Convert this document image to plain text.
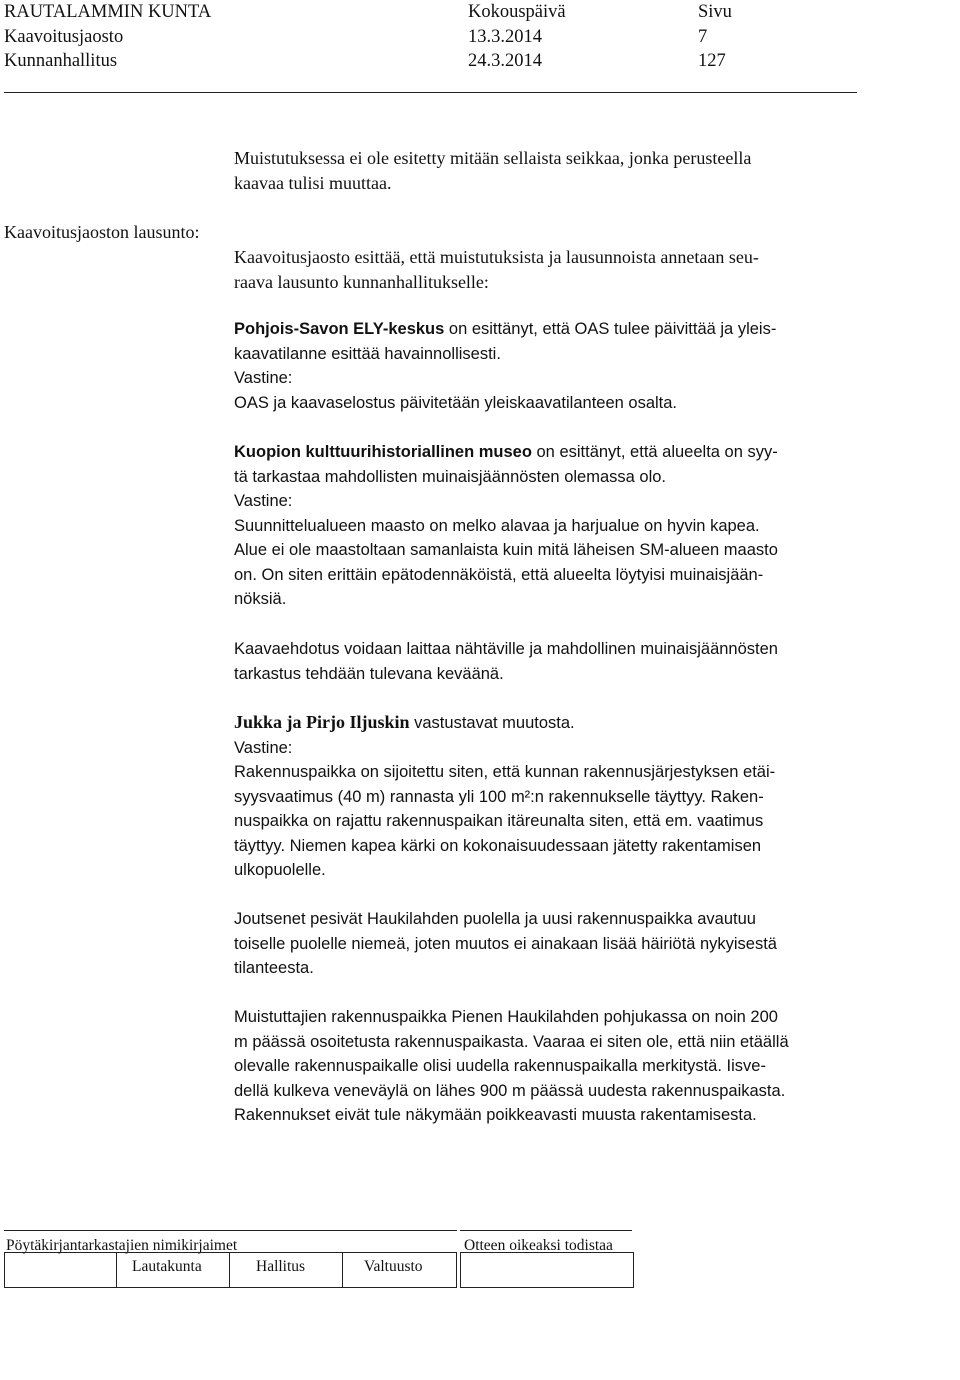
RAUTALAMMIN KUNTA	Kokouspäivä	Sivu
Kaavoitusjaosto	13.3.2014	7
Kunnanhallitus	24.3.2014	127
Muistutuksessa ei ole esitetty mitään sellaista seikkaa, jonka perusteella
kaavaa tulisi muuttaa.
Kaavoitusjaoston lausunto:
Kaavoitusjaosto esittää, että muistutuksista ja lausunnoista annetaan seu-
raava lausunto kunnanhallitukselle:
Pohjois-Savon ELY-keskus on esittänyt, että OAS tulee päivittää ja yleis-
kaavatilanne esittää havainnollisesti.
Vastine:
OAS ja kaavaselostus päivitetään yleiskaavatilanteen osalta.
Kuopion kulttuurihistoriallinen museo on esittänyt, että alueelta on syy-
tä tarkastaa mahdollisten muinaisjäännösten olemassa olo.
Vastine:
Suunnittelualueen maasto on melko alavaa ja harjualue on hyvin kapea.
Alue ei ole maastoltaan samanlaista kuin mitä läheisen SM-alueen maasto
on. On siten erittäin epätodennäköistä, että alueelta löytyisi muinaisjään-
nöksiä.
Kaavaehdotus voidaan laittaa nähtäville ja mahdollinen muinaisjäännösten
tarkastus tehdään tulevana keväänä.
Jukka ja Pirjo Iljuskin vastustavat muutosta.
Vastine:
Rakennuspaikka on sijoitettu siten, että kunnan rakennusjärjestyksen etäi-
syysvaatimus (40 m) rannasta yli 100 m²:n rakennukselle täyttyy. Raken-
nuspaikka on rajattu rakennuspaikan itäreunalta siten, että em. vaatimus
täyttyy. Niemen kapea kärki on kokonaisuudessaan jätetty rakentamisen
ulkopuolelle.
Joutsenet pesivät Haukilahden puolella ja uusi rakennuspaikka avautuu
toiselle puolelle niemeä, joten muutos ei ainakaan lisää häiriötä nykyisestä
tilanteesta.
Muistuttajien rakennuspaikka Pienen Haukilahden pohjukassa on noin 200
m päässä osoitetusta rakennuspaikasta. Vaaraa ei siten ole, että niin etäällä
olevalle rakennuspaikalle olisi uudella rakennuspaikalla merkitystä. Iisve-
dellä kulkeva veneväylä on lähes 900 m päässä uudesta rakennuspaikasta.
Rakennukset eivät tule näkymään poikkeavasti muusta rakentamisesta.
Pöytäkirjantarkastajien nimikirjaimet	Otteen oikeaksi todistaa
Lautakunta	Hallitus	Valtuusto
